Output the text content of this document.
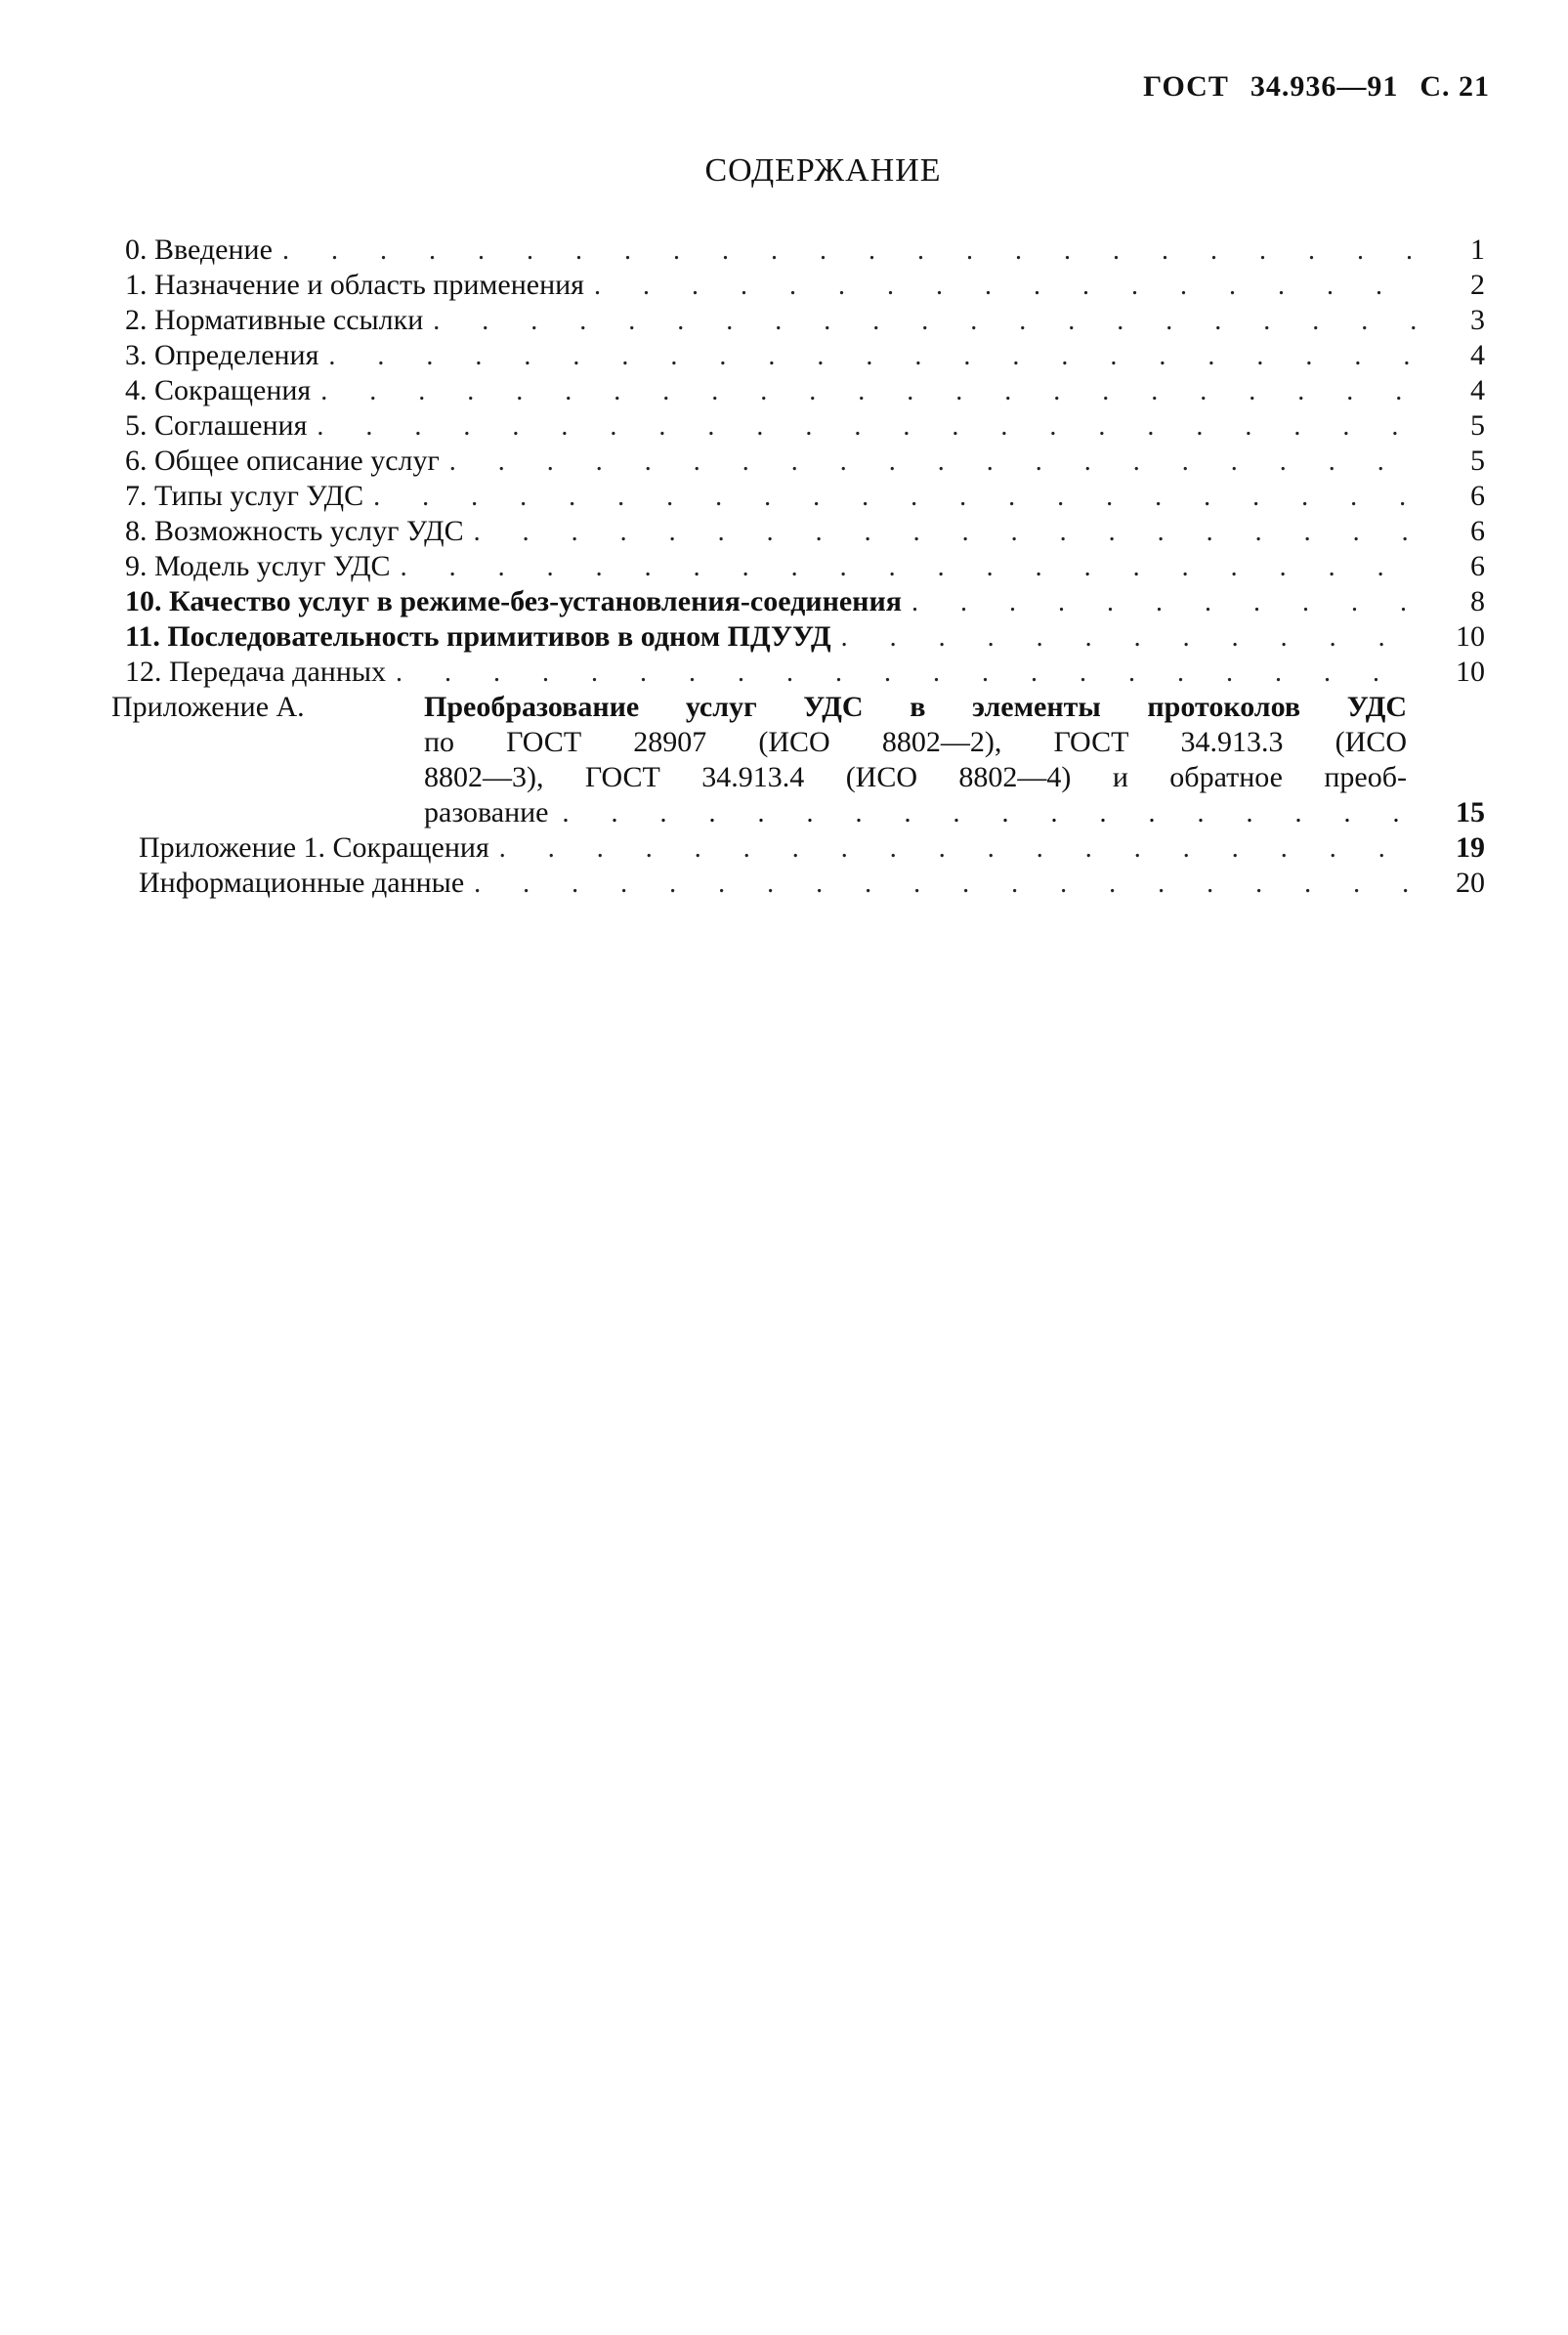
ГОСТ 34.936—91 С. 21
СОДЕРЖАНИЕ
0. Введение . . .	1
1. Назначение и область применения . . .	2
2. Нормативные ссылки . . .	3
3. Определения . . .	4
4. Сокращения . . .	4
5. Соглашения . . .	5
6. Общее описание услуг . . .	5
7. Типы услуг УДС . . .	6
8. Возможность услуг УДС . . .	6
9. Модель услуг УДС . . .	6
10. Качество услуг в режиме-без-установления-соединения . . .	8
11. Последовательность примитивов в одном ПДУУД . . .	10
12. Передача данных . . .	10
Приложение А.	Преобразование услуг УДС в элементы протоколов УДС
по ГОСТ 28907 (ИСО 8802—2), ГОСТ 34.913.3 (ИСО
8802—3), ГОСТ 34.913.4 (ИСО 8802—4) и обратное преоб-
разование . . .	15
Приложение 1. Сокращения . . .	19
Информационные данные . . .	20
